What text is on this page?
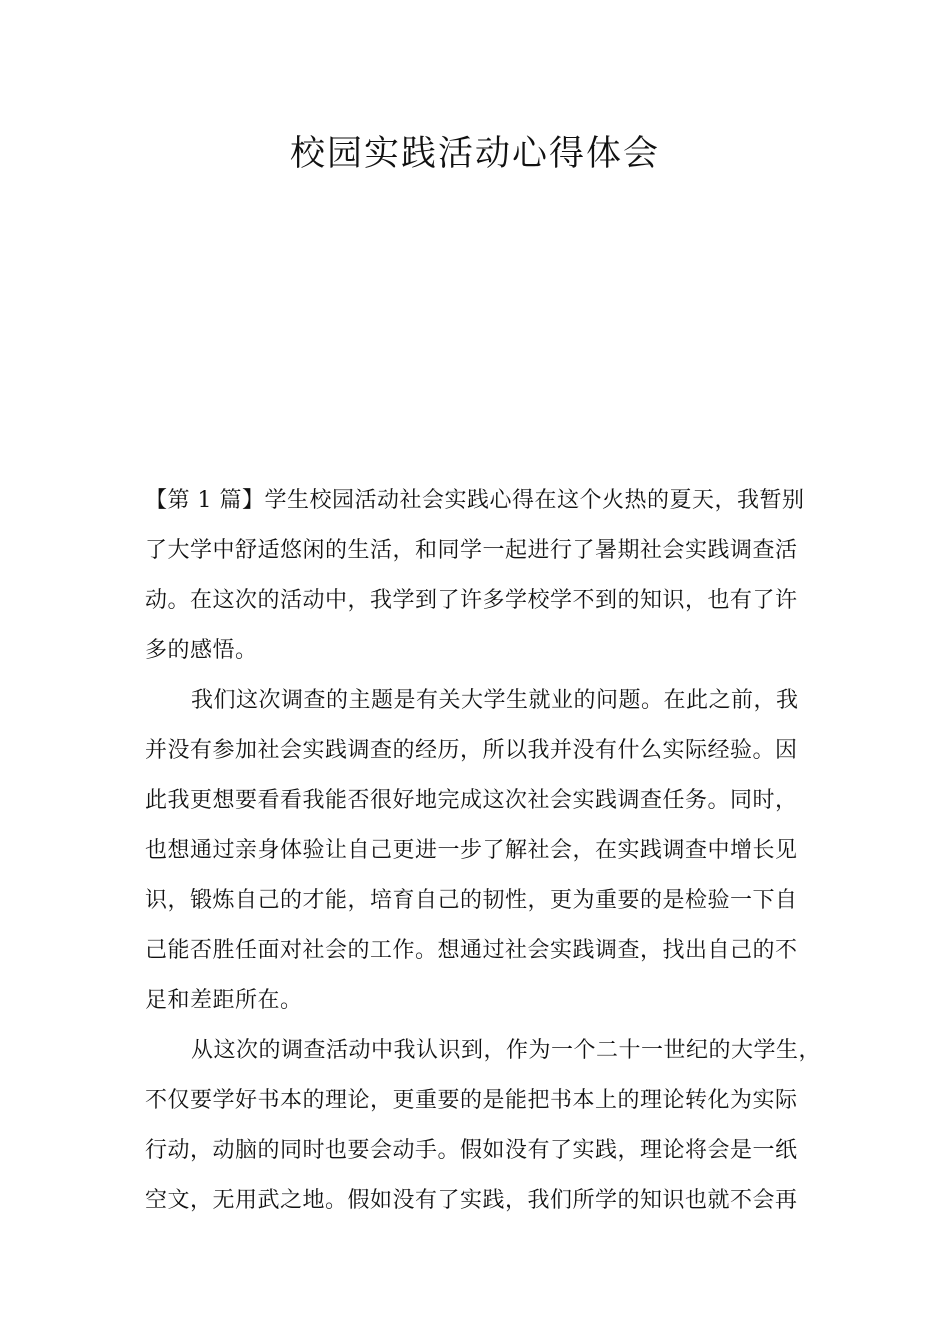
校园实践活动心得体会
【第 1 篇】学生校园活动社会实践心得在这个火热的夏天，我暂别
了大学中舒适悠闲的生活，和同学一起进行了暑期社会实践调查活
动。在这次的活动中，我学到了许多学校学不到的知识，也有了许
多的感悟。
我们这次调查的主题是有关大学生就业的问题。在此之前，我
并没有参加社会实践调查的经历，所以我并没有什么实际经验。因
此我更想要看看我能否很好地完成这次社会实践调查任务。同时，
也想通过亲身体验让自己更进一步了解社会，在实践调查中增长见
识，锻炼自己的才能，培育自己的韧性，更为重要的是检验一下自
己能否胜任面对社会的工作。想通过社会实践调查，找出自己的不
足和差距所在。
从这次的调查活动中我认识到，作为一个二十一世纪的大学生，
不仅要学好书本的理论，更重要的是能把书本上的理论转化为实际
行动，动脑的同时也要会动手。假如没有了实践，理论将会是一纸
空文，无用武之地。假如没有了实践，我们所学的知识也就不会再
